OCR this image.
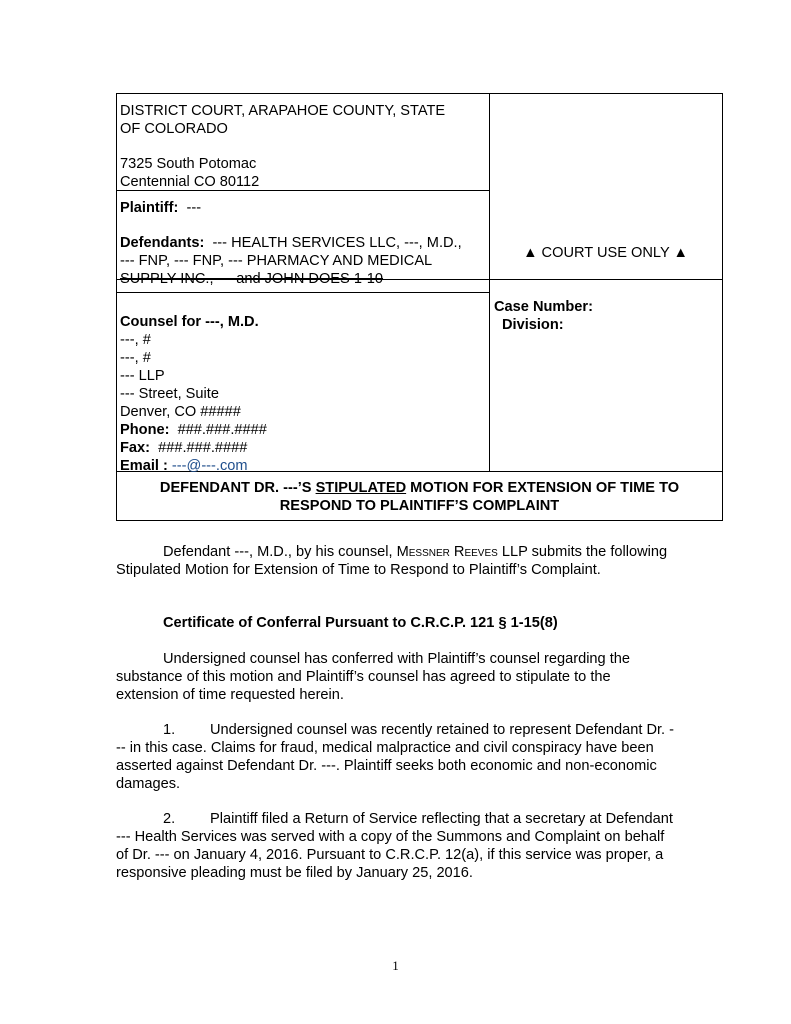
DISTRICT COURT, ARAPAHOE COUNTY, STATE
OF COLORADO
7325 South Potomac
Centennial CO 80112
Plaintiff: ---
Defendants: --- HEALTH SERVICES LLC, ---, M.D.,
--- FNP, --- FNP, --- PHARMACY AND MEDICAL
SUPPLY INC., --- and JOHN DOES 1-10
▲ COURT USE ONLY ▲
Case Number:
Division:
Counsel for ---, M.D.
---, #
---, #
--- LLP
--- Street, Suite
Denver, CO #####
Phone: ###.###.####
Fax: ###.###.####
Email : ---@---.com
DEFENDANT DR. ---’S STIPULATED MOTION FOR EXTENSION OF TIME TO
RESPOND TO PLAINTIFF’S COMPLAINT
Defendant ---, M.D., by his counsel, Messner Reeves LLP submits the following Stipulated Motion for Extension of Time to Respond to Plaintiff’s Complaint.
Certificate of Conferral Pursuant to C.R.C.P. 121 § 1-15(8)
Undersigned counsel has conferred with Plaintiff’s counsel regarding the substance of this motion and Plaintiff’s counsel has agreed to stipulate to the extension of time requested herein.
1. Undersigned counsel was recently retained to represent Defendant Dr. --- in this case. Claims for fraud, medical malpractice and civil conspiracy have been asserted against Defendant Dr. ---. Plaintiff seeks both economic and non-economic damages.
2. Plaintiff filed a Return of Service reflecting that a secretary at Defendant --- Health Services was served with a copy of the Summons and Complaint on behalf of Dr. --- on January 4, 2016. Pursuant to C.R.C.P. 12(a), if this service was proper, a responsive pleading must be filed by January 25, 2016.
1
